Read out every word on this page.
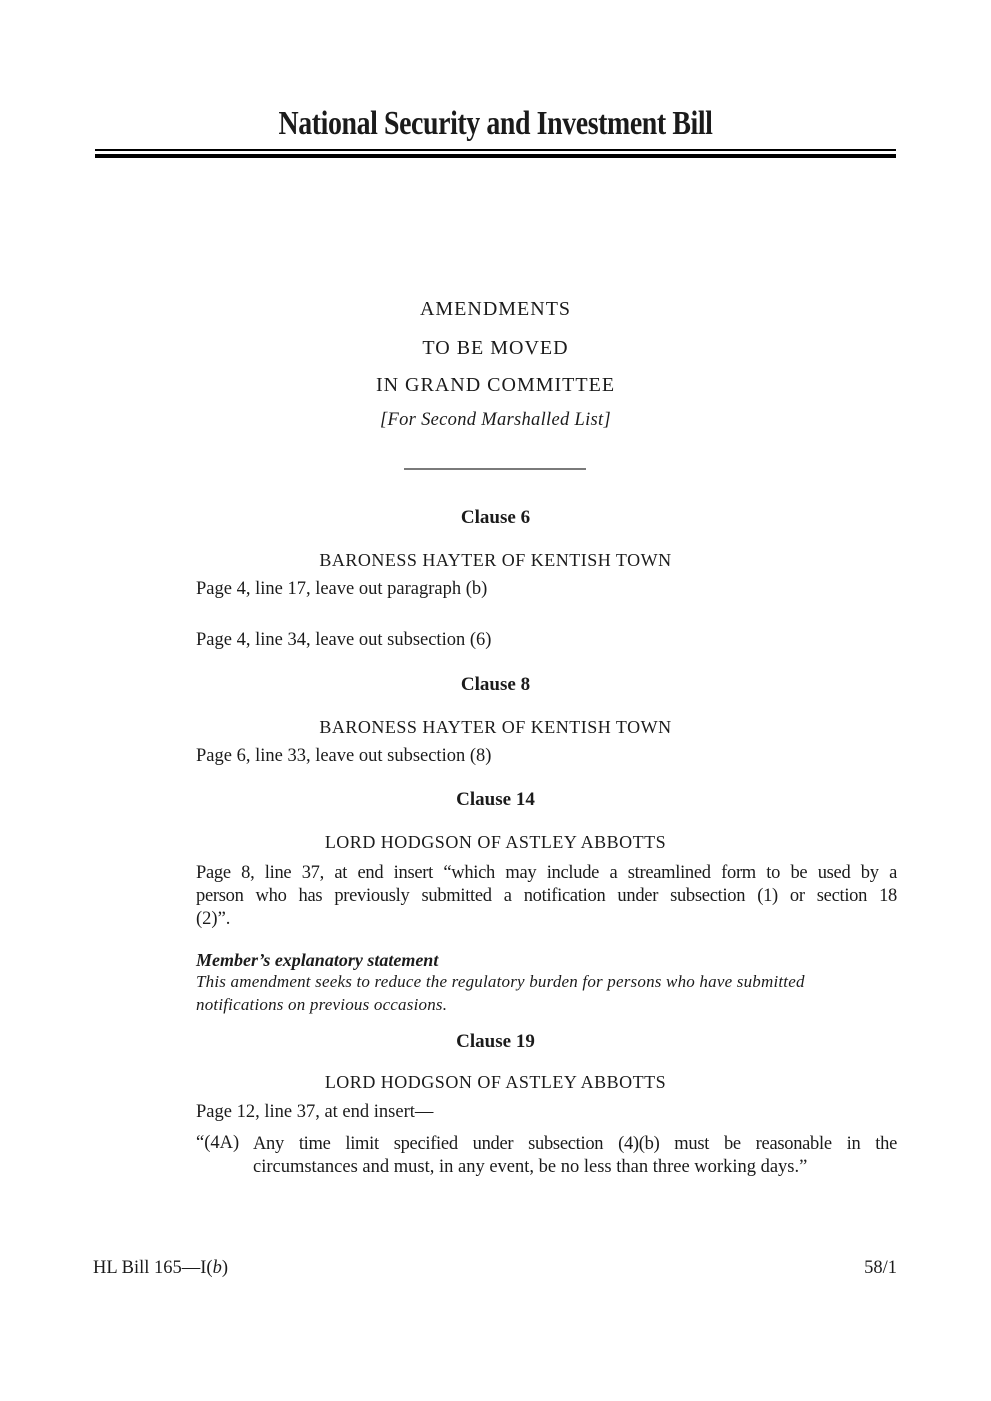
National Security and Investment Bill
AMENDMENTS
TO BE MOVED
IN GRAND COMMITTEE
[For Second Marshalled List]
Clause 6
BARONESS HAYTER OF KENTISH TOWN
Page 4, line 17, leave out paragraph (b)
Page 4, line 34, leave out subsection (6)
Clause 8
BARONESS HAYTER OF KENTISH TOWN
Page 6, line 33, leave out subsection (8)
Clause 14
LORD HODGSON OF ASTLEY ABBOTTS
Page 8, line 37, at end insert “which may include a streamlined form to be used by a
person who has previously submitted a notification under subsection (1) or section 18
(2)”.
Member’s explanatory statement
This amendment seeks to reduce the regulatory burden for persons who have submitted
notifications on previous occasions.
Clause 19
LORD HODGSON OF ASTLEY ABBOTTS
Page 12, line 37, at end insert—
“(4A) Any time limit specified under subsection (4)(b) must be reasonable in the
circumstances and must, in any event, be no less than three working days.”
HL Bill 165—I(b)	58/1
